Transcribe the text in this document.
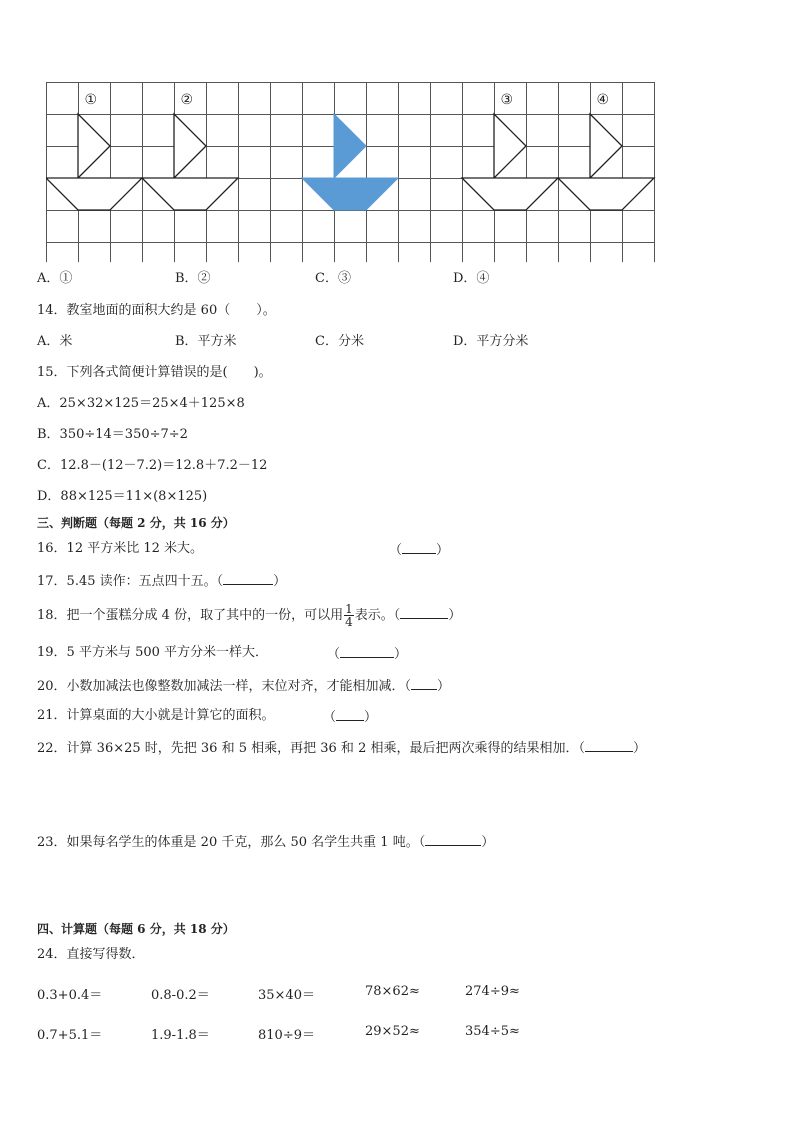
①	②	③	④
A．①	B．②	C．③	D．④
14．教室地面的面积大约是 60（　　）。
A．米	B．平方米	C．分米	D．平方分米
15．下列各式简便计算错误的是(　　)。
A．25×32×125＝25×4＋125×8
B．350÷14＝350÷7÷2
C．12.8－(12－7.2)＝12.8＋7.2－12
D．88×125＝11×(8×125)
三、判断题（每题 2 分，共 16 分）
16．12 平方米比 12 米大。	（	）
17．5.45 读作：五点四十五。（	）
18．把一个蛋糕分成 4 份，取了其中的一份，可以用 $\frac{1}{4}$ 表示。（	）
19．5 平方米与 500 平方分米一样大．	（	）
20．小数加减法也像整数加减法一样，末位对齐，才能相加减．（ ）
21．计算桌面的大小就是计算它的面积。	（ ）
22．计算 36×25 时，先把 36 和 5 相乘，再把 36 和 2 相乘，最后把两次乘得的结果相加．（	）
23．如果每名学生的体重是 20 千克，那么 50 名学生共重 1 吨。（	）
四、计算题（每题 6 分，共 18 分）
24．直接写得数．
0.3+0.4＝	0.8-0.2＝	35×40＝	78×62≈	274÷9≈
0.7+5.1＝	1.9-1.8＝	810÷9＝	29×52≈	354÷5≈
